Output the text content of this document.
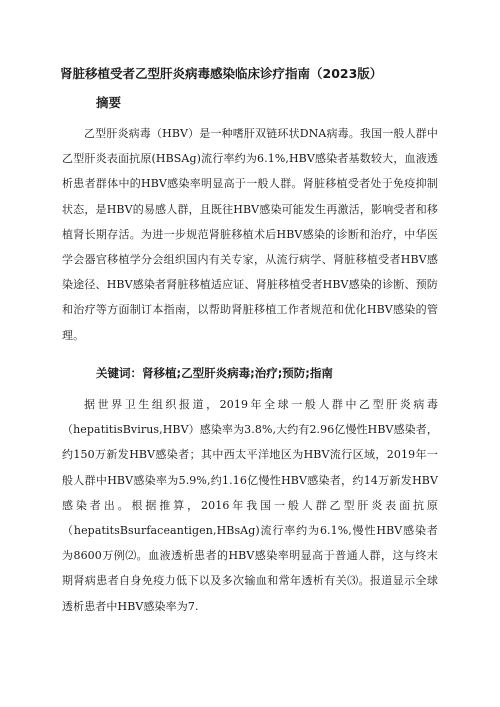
肾脏移植受者乙型肝炎病毒感染临床诊疗指南（2023版）
摘要

乙型肝炎病毒（HBV）是一种嗜肝双链环状DNA病毒。我国一般人群中乙型肝炎表面抗原(HBSAg)流行率约为6.1%,HBV感染者基数较大，血液透析患者群体中的HBV感染率明显高于一般人群。肾脏移植受者处于免疫抑制状态，是HBV的易感人群，且既往HBV感染可能发生再激活，影响受者和移植肾长期存活。为进一步规范肾脏移植术后HBV感染的诊断和治疗，中华医学会器官移植学分会组织国内有关专家，从流行病学、肾脏移植受者HBV感染途径、HBV感染者肾脏移植适应证、肾脏移植受者HBV感染的诊断、预防和治疗等方面制订本指南，以帮助肾脏移植工作者规范和优化HBV感染的管理。

关键词：肾移植;乙型肝炎病毒;治疗;预防;指南

据世界卫生组织报道，2019年全球一般人群中乙型肝炎病毒（hepatitisBvirus,HBV）感染率为3.8%,大约有2.96亿慢性HBV感染者，约150万新发HBV感染者；其中西太平洋地区为HBV流行区域，2019年一般人群中HBV感染率为5.9%,约1.16亿慢性HBV感染者，约14万新发HBV感染者出。根据推算，2016年我国一般人群乙型肝炎表面抗原（hepatitsBsurfaceantigen,HBsAg)流行率约为6.1%,慢性HBV感染者为8600万例⑵。血液透析患者的HBV感染率明显高于普通人群，这与终末期肾病患者自身免疫力低下以及多次输血和常年透析有关⑶。报道显示全球透析患者中HBV感染率为7.
